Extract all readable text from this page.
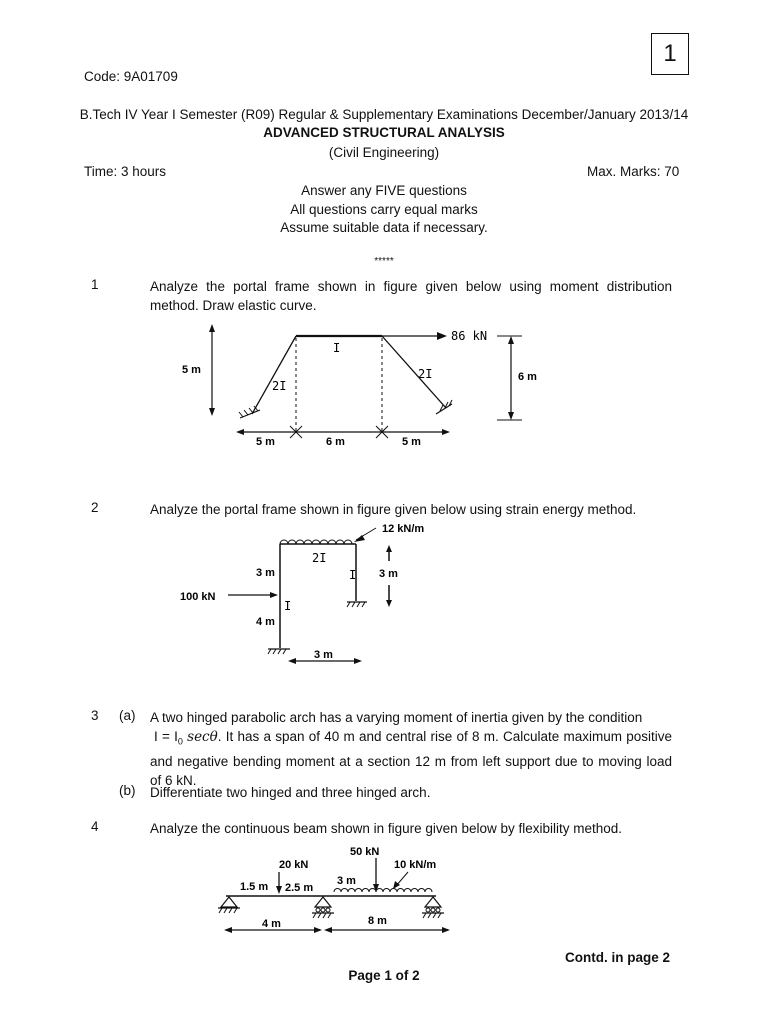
1
Code: 9A01709
B.Tech IV Year I Semester (R09) Regular & Supplementary Examinations December/January 2013/14
ADVANCED STRUCTURAL ANALYSIS
(Civil Engineering)
Time: 3 hours	Max. Marks: 70
Answer any FIVE questions
All questions carry equal marks
Assume suitable data if necessary.
*****
1	Analyze the portal frame shown in figure given below using moment distribution method. Draw elastic curve.
5 m
86 kN
I
2I
2I	6 m
5 m	6 m	5 m
2	Analyze the portal frame shown in figure given below using strain energy method.
12 kN/m
2I
I
I
3 m
4 m
100 kN
3 m
3 m
3 (a) A two hinged parabolic arch has a varying moment of inertia given by the condition
$I = I_0$ secθ. It has a span of 40 m and central rise of 8 m. Calculate maximum positive and negative bending moment at a section 12 m from left support due to moving load of 6 kN.
(b) Differentiate two hinged and three hinged arch.
4	Analyze the continuous beam shown in figure given below by flexibility method.
10 kN/m
20 kN
50 kN
1.5 m 2.5 m
3 m
4 m	8 m
Contd. in page 2
Page 1 of 2
